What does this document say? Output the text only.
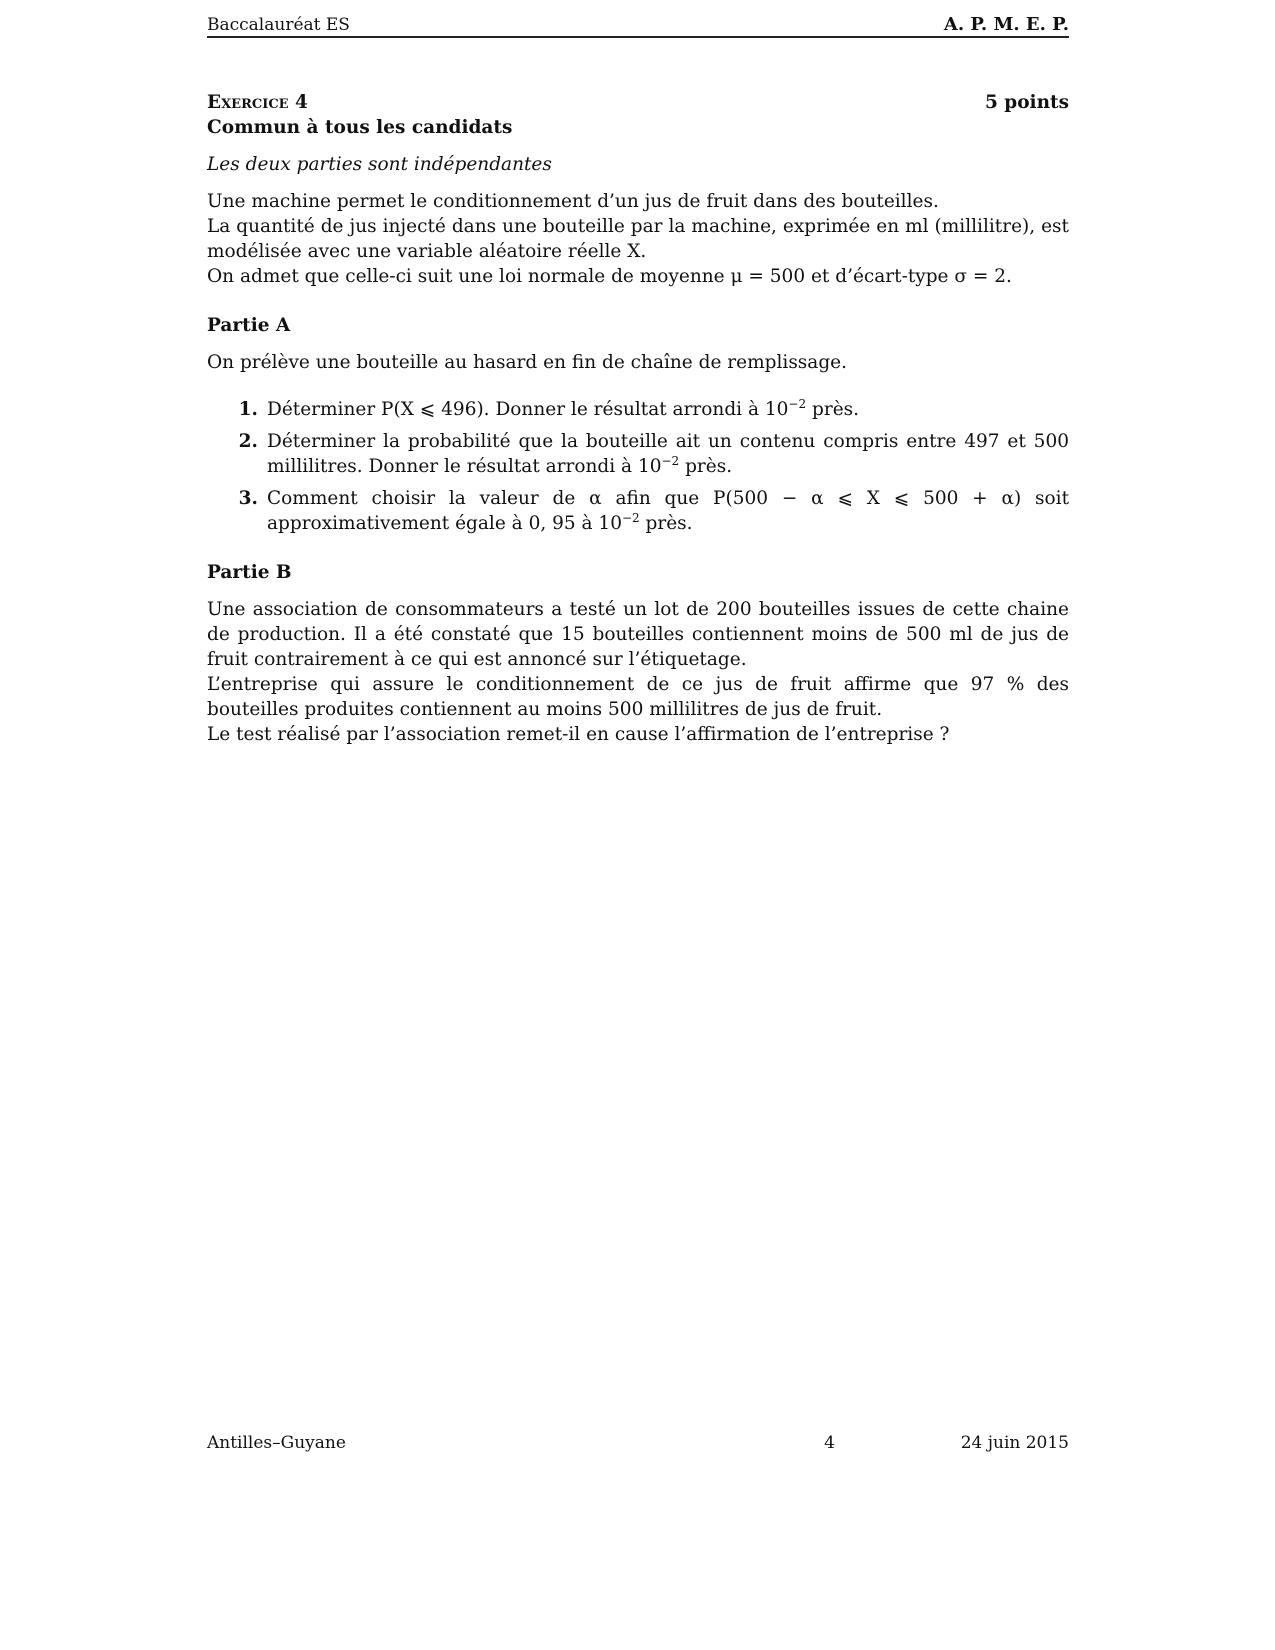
Baccalauréat ES	A. P. M. E. P.
Exercice 4	5 points

Commun à tous les candidats

Les deux parties sont indépendantes

Une machine permet le conditionnement d’un jus de fruit dans des bouteilles.
La quantité de jus injecté dans une bouteille par la machine, exprimée en ml (millilitre), est modélisée avec une variable aléatoire réelle X.
On admet que celle-ci suit une loi normale de moyenne μ = 500 et d’écart-type σ = 2.

Partie A

On prélève une bouteille au hasard en fin de chaîne de remplissage.

1. Déterminer P(X ⩽ 496). Donner le résultat arrondi à $10^{-2}$ près.
2. Déterminer la probabilité que la bouteille ait un contenu compris entre 497 et 500 millilitres. Donner le résultat arrondi à $10^{-2}$ près.
3. Comment choisir la valeur de α afin que P(500 − α ⩽ X ⩽ 500 + α) soit approximativement égale à 0, 95 à $10^{-2}$ près.

Partie B

Une association de consommateurs a testé un lot de 200 bouteilles issues de cette chaine de production. Il a été constaté que 15 bouteilles contiennent moins de 500 ml de jus de fruit contrairement à ce qui est annoncé sur l’étiquetage.
L’entreprise qui assure le conditionnement de ce jus de fruit affirme que 97 % des bouteilles produites contiennent au moins 500 millilitres de jus de fruit.
Le test réalisé par l’association remet-il en cause l’affirmation de l’entreprise ?
Antilles–Guyane	4	24 juin 2015
